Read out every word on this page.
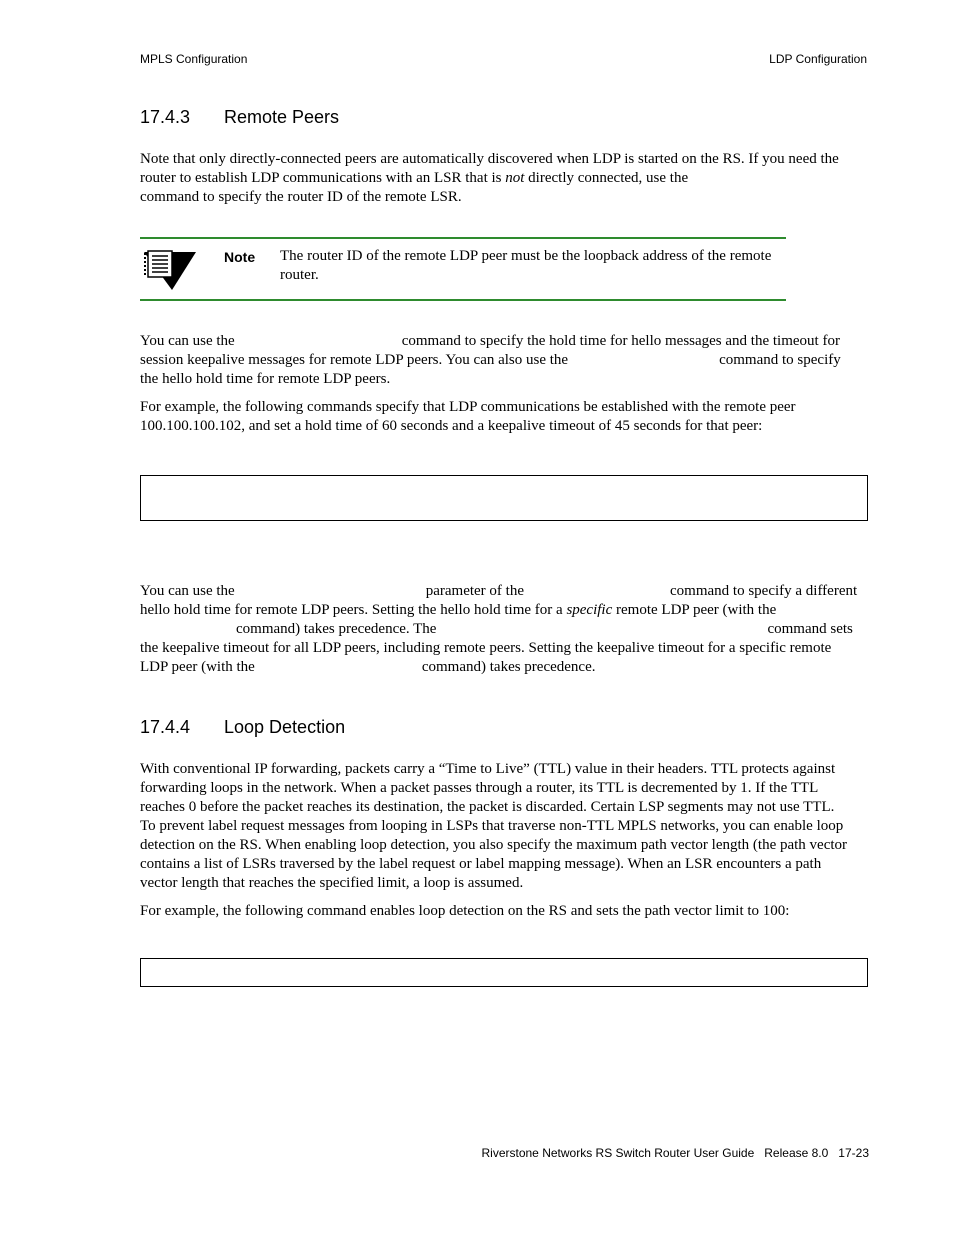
MPLS Configuration	LDP Configuration
17.4.3 Remote Peers
Note that only directly-connected peers are automatically discovered when LDP is started on the RS. If you need the
router to establish LDP communications with an LSR that is not directly connected, use the
command to specify the router ID of the remote LSR.
Note The router ID of the remote LDP peer must be the loopback address of the remote router.
You can use the	command to specify the hold time for hello messages and the timeout for
session keepalive messages for remote LDP peers. You can also use the	command to specify
the hello hold time for remote LDP peers.
For example, the following commands specify that LDP communications be established with the remote peer
100.100.100.102, and set a hold time of 60 seconds and a keepalive timeout of 45 seconds for that peer:
You can use the	parameter of the	command to specify a different
hello hold time for remote LDP peers. Setting the hello hold time for a specific remote LDP peer (with the
command) takes precedence. The	command sets
the keepalive timeout for all LDP peers, including remote peers. Setting the keepalive timeout for a specific remote
LDP peer (with the	command) takes precedence.
17.4.4 Loop Detection
With conventional IP forwarding, packets carry a “Time to Live” (TTL) value in their headers. TTL protects against
forwarding loops in the network. When a packet passes through a router, its TTL is decremented by 1. If the TTL
reaches 0 before the packet reaches its destination, the packet is discarded. Certain LSP segments may not use TTL.
To prevent label request messages from looping in LSPs that traverse non-TTL MPLS networks, you can enable loop
detection on the RS. When enabling loop detection, you also specify the maximum path vector length (the path vector
contains a list of LSRs traversed by the label request or label mapping message). When an LSR encounters a path
vector length that reaches the specified limit, a loop is assumed.
For example, the following command enables loop detection on the RS and sets the path vector limit to 100:
Riverstone Networks RS Switch Router User Guide   Release 8.0   17-23
